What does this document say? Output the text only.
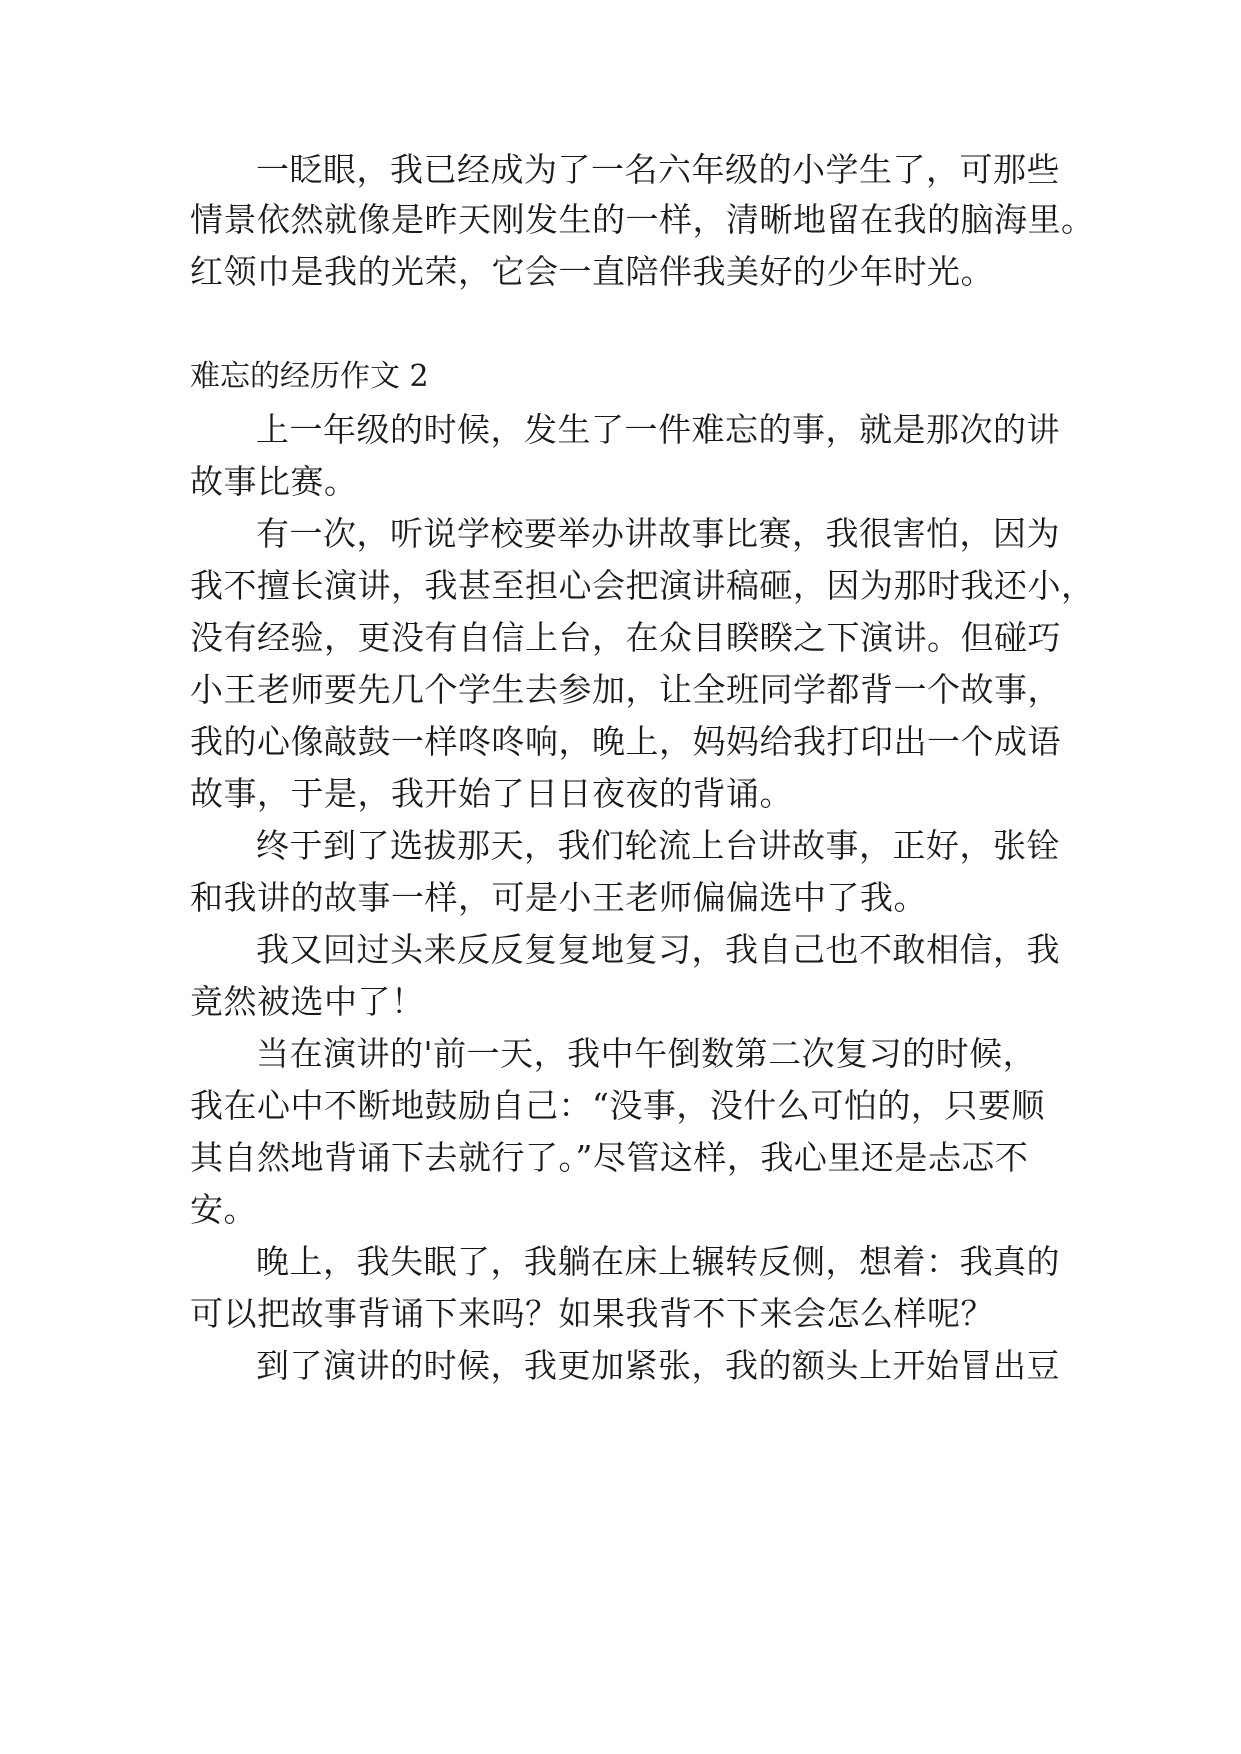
一眨眼，我已经成为了一名六年级的小学生了，可那些
情景依然就像是昨天刚发生的一样，清晰地留在我的脑海里。
红领巾是我的光荣，它会一直陪伴我美好的少年时光。
难忘的经历作文 2
上一年级的时候，发生了一件难忘的事，就是那次的讲
故事比赛。
有一次，听说学校要举办讲故事比赛，我很害怕，因为
我不擅长演讲，我甚至担心会把演讲稿砸，因为那时我还小，
没有经验，更没有自信上台，在众目睽睽之下演讲。但碰巧
小王老师要先几个学生去参加，让全班同学都背一个故事，
我的心像敲鼓一样咚咚响，晚上，妈妈给我打印出一个成语
故事，于是，我开始了日日夜夜的背诵。
终于到了选拔那天，我们轮流上台讲故事，正好，张铨
和我讲的故事一样，可是小王老师偏偏选中了我。
我又回过头来反反复复地复习，我自己也不敢相信，我
竟然被选中了！
当在演讲的'前一天，我中午倒数第二次复习的时候，
我在心中不断地鼓励自己：“没事，没什么可怕的，只要顺
其自然地背诵下去就行了。”尽管这样，我心里还是忐忑不
安。
晚上，我失眠了，我躺在床上辗转反侧，想着：我真的
可以把故事背诵下来吗？如果我背不下来会怎么样呢？
到了演讲的时候，我更加紧张，我的额头上开始冒出豆
